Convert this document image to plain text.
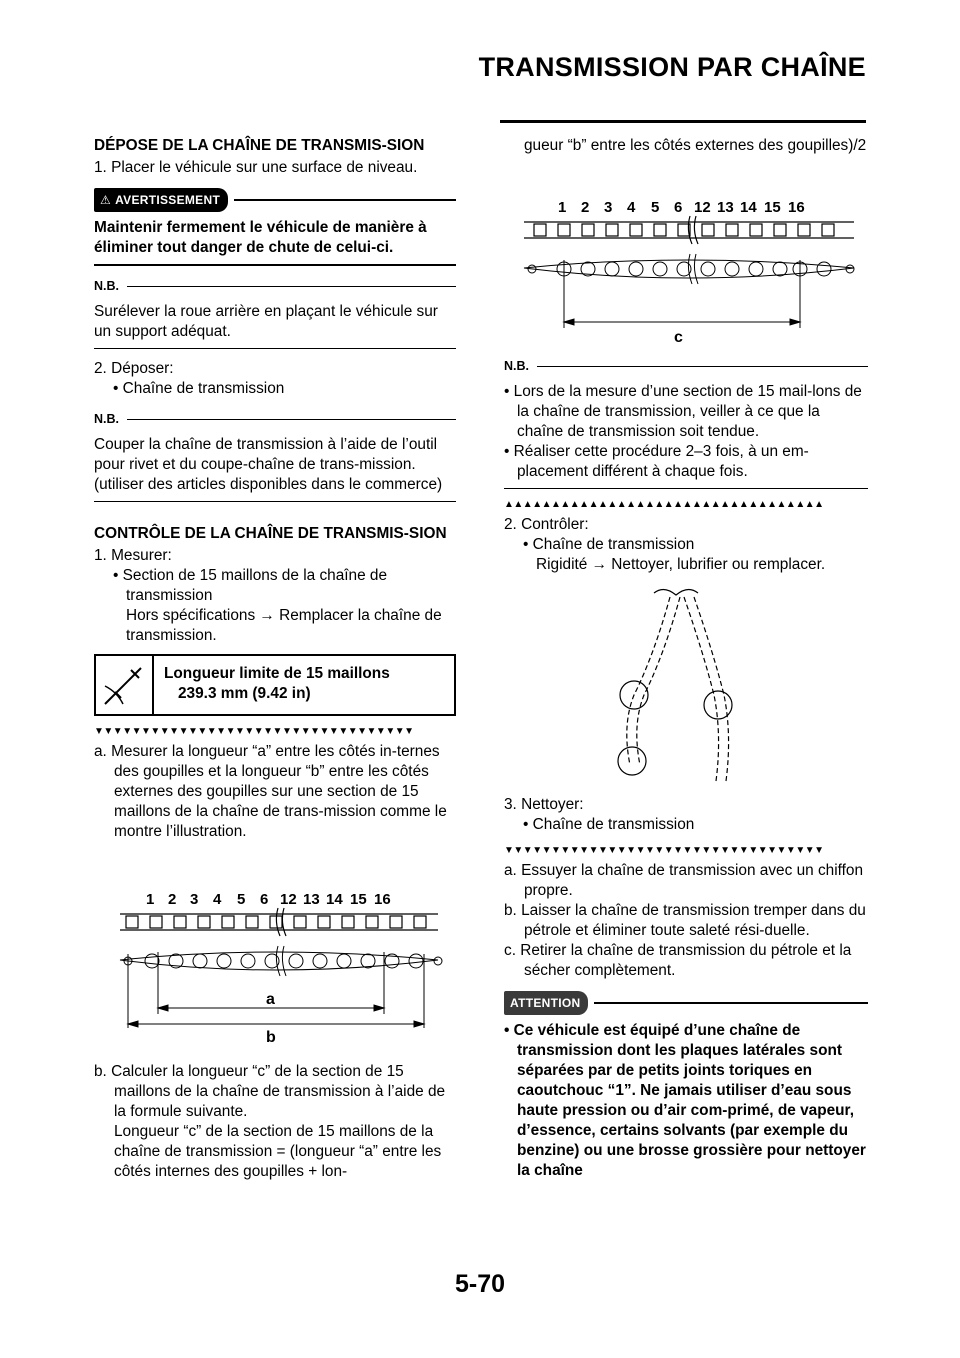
TRANSMISSION PAR CHAÎNE

DÉPOSE DE LA CHAÎNE DE TRANSMIS-SION

1. Placer le véhicule sur une surface de niveau.

⚠ AVERTISSEMENT

Maintenir fermement le véhicule de manière à éliminer tout danger de chute de celui-ci.

N.B.

Surélever la roue arrière en plaçant le véhicule sur un support adéquat.

2. Déposer:

• Chaîne de transmission

N.B.

Couper la chaîne de transmission à l’aide de l’outil pour rivet et du coupe-chaîne de trans-mission. (utiliser des articles disponibles dans le commerce)

CONTRÔLE DE LA CHAÎNE DE TRANSMIS-SION

1. Mesurer:

• Section de 15 maillons de la chaîne de transmission

Hors spécifications → Remplacer la chaîne de transmission.

Longueur limite de 15 maillons
239.3 mm (9.42 in)
▼▼▼▼▼▼▼▼▼▼▼▼▼▼▼▼▼▼▼▼▼▼▼▼▼▼▼▼▼▼▼▼▼▼

a. Mesurer la longueur “a” entre les côtés in-ternes des goupilles et la longueur “b” entre les côtés externes des goupilles sur une section de 15 maillons de la chaîne de trans-mission comme le montre l’illustration.

1 2 3 4 5 6 12 13 14 15 16
a
b

b. Calculer la longueur “c” de la section de 15 maillons de la chaîne de transmission à l’aide de la formule suivante.

Longueur “c” de la section de 15 maillons de la chaîne de transmission = (longueur “a” entre les côtés internes des goupilles + lon-

gueur “b” entre les côtés externes des goupilles)/2

1 2 3 4 5 6 12 13 14 15 16
c
N.B.

• Lors de la mesure d’une section de 15 mail-lons de la chaîne de transmission, veiller à ce que la chaîne de transmission soit tendue.

• Réaliser cette procédure 2–3 fois, à un em-placement différent à chaque fois.

▲▲▲▲▲▲▲▲▲▲▲▲▲▲▲▲▲▲▲▲▲▲▲▲▲▲▲▲▲▲▲▲▲▲

2. Contrôler:

• Chaîne de transmission

Rigidité → Nettoyer, lubrifier ou remplacer.

3. Nettoyer:

• Chaîne de transmission

▼▼▼▼▼▼▼▼▼▼▼▼▼▼▼▼▼▼▼▼▼▼▼▼▼▼▼▼▼▼▼▼▼▼

a. Essuyer la chaîne de transmission avec un chiffon propre.

b. Laisser la chaîne de transmission tremper dans du pétrole et éliminer toute saleté rési-duelle.

c. Retirer la chaîne de transmission du pétrole et la sécher complètement.

ATTENTION

• Ce véhicule est équipé d’une chaîne de transmission dont les plaques latérales sont séparées par de petits joints toriques en caoutchouc “1”. Ne jamais utiliser d’eau sous haute pression ou d’air com-primé, de vapeur, d’essence, certains solvants (par exemple du benzine) ou une brosse grossière pour nettoyer la chaîne

5-70
